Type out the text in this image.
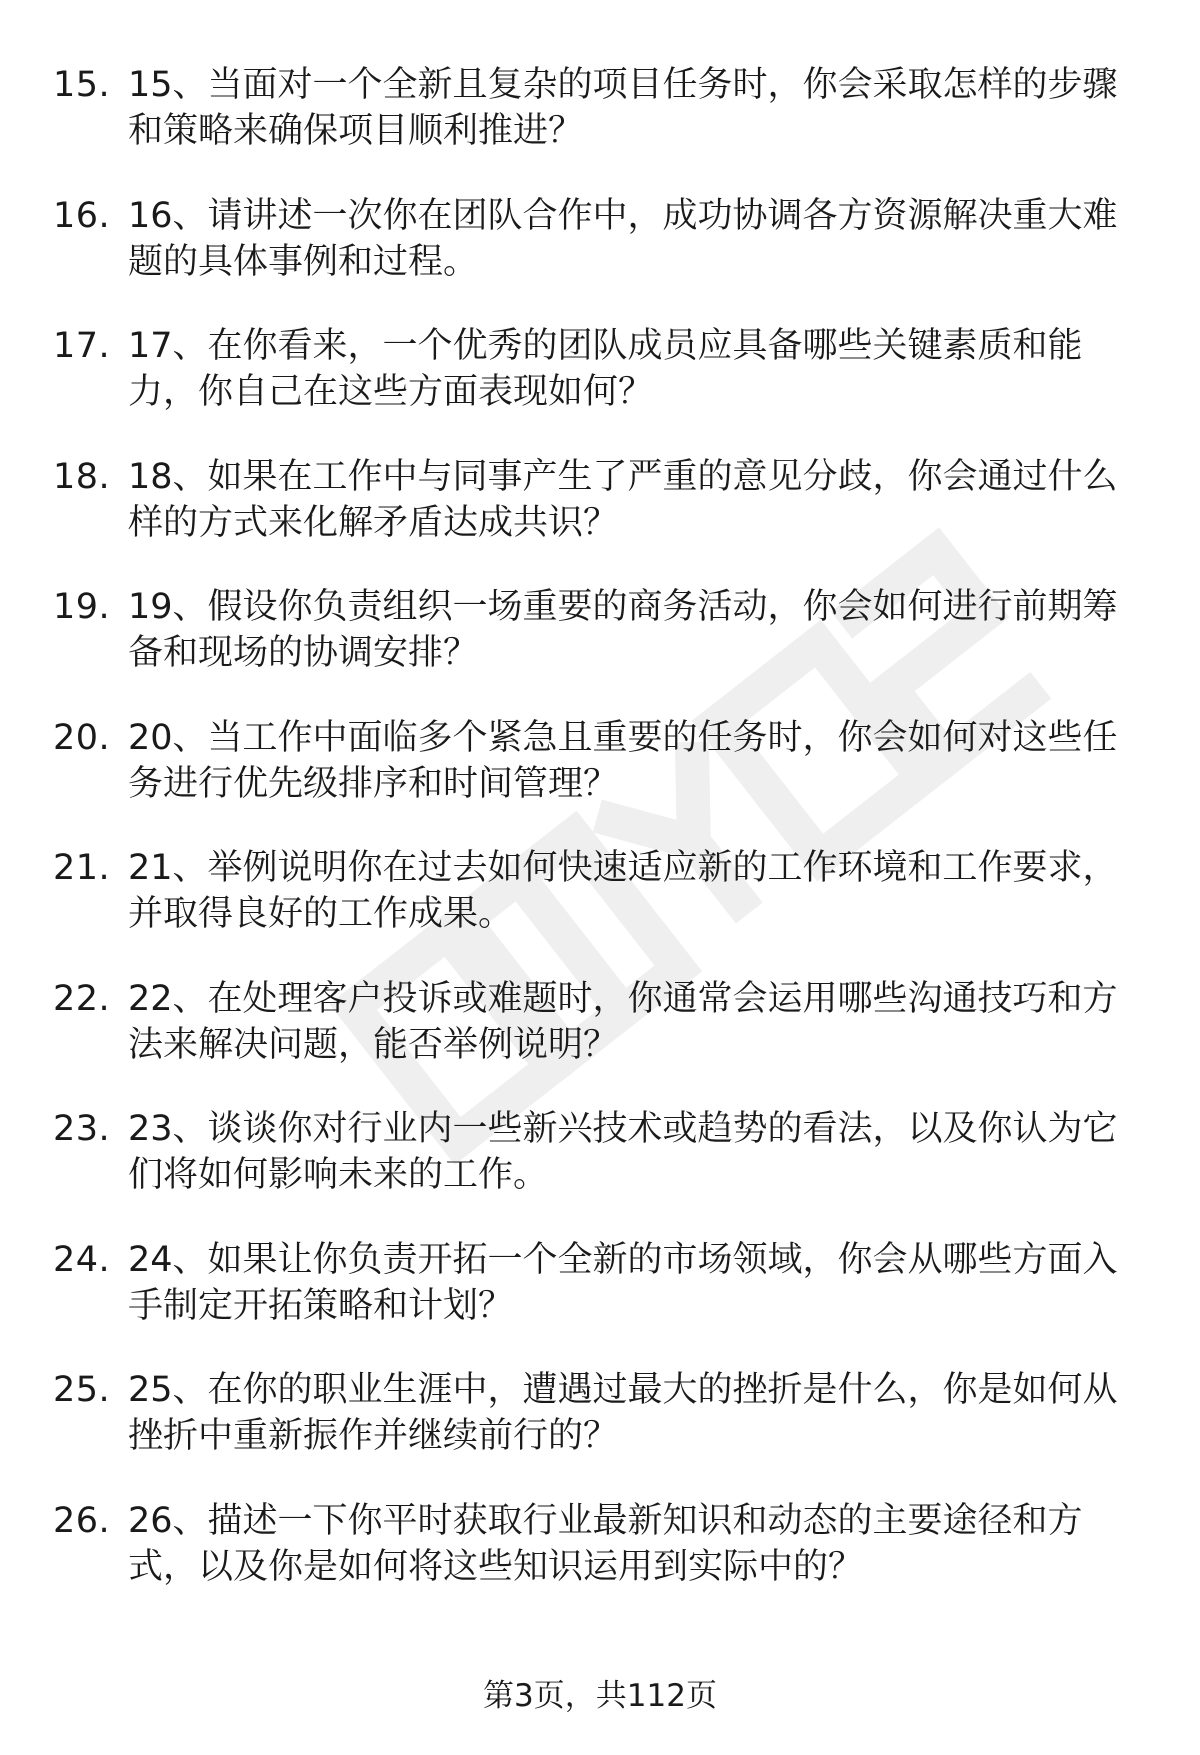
15. 15、当面对一个全新且复杂的项目任务时，你会采取怎样的步骤和策略来确保项目顺利推进？
16. 16、请讲述一次你在团队合作中，成功协调各方资源解决重大难题的具体事例和过程。
17. 17、在你看来，一个优秀的团队成员应具备哪些关键素质和能力，你自己在这些方面表现如何？
18. 18、如果在工作中与同事产生了严重的意见分歧，你会通过什么样的方式来化解矛盾达成共识？
19. 19、假设你负责组织一场重要的商务活动，你会如何进行前期筹备和现场的协调安排？
20. 20、当工作中面临多个紧急且重要的任务时，你会如何对这些任务进行优先级排序和时间管理？
21. 21、举例说明你在过去如何快速适应新的工作环境和工作要求，并取得良好的工作成果。
22. 22、在处理客户投诉或难题时，你通常会运用哪些沟通技巧和方法来解决问题，能否举例说明？
23. 23、谈谈你对行业内一些新兴技术或趋势的看法，以及你认为它们将如何影响未来的工作。
24. 24、如果让你负责开拓一个全新的市场领域，你会从哪些方面入手制定开拓策略和计划？
25. 25、在你的职业生涯中，遭遇过最大的挫折是什么，你是如何从挫折中重新振作并继续前行的？
26. 26、描述一下你平时获取行业最新知识和动态的主要途径和方式，以及你是如何将这些知识运用到实际中的？
第3页，共112页
